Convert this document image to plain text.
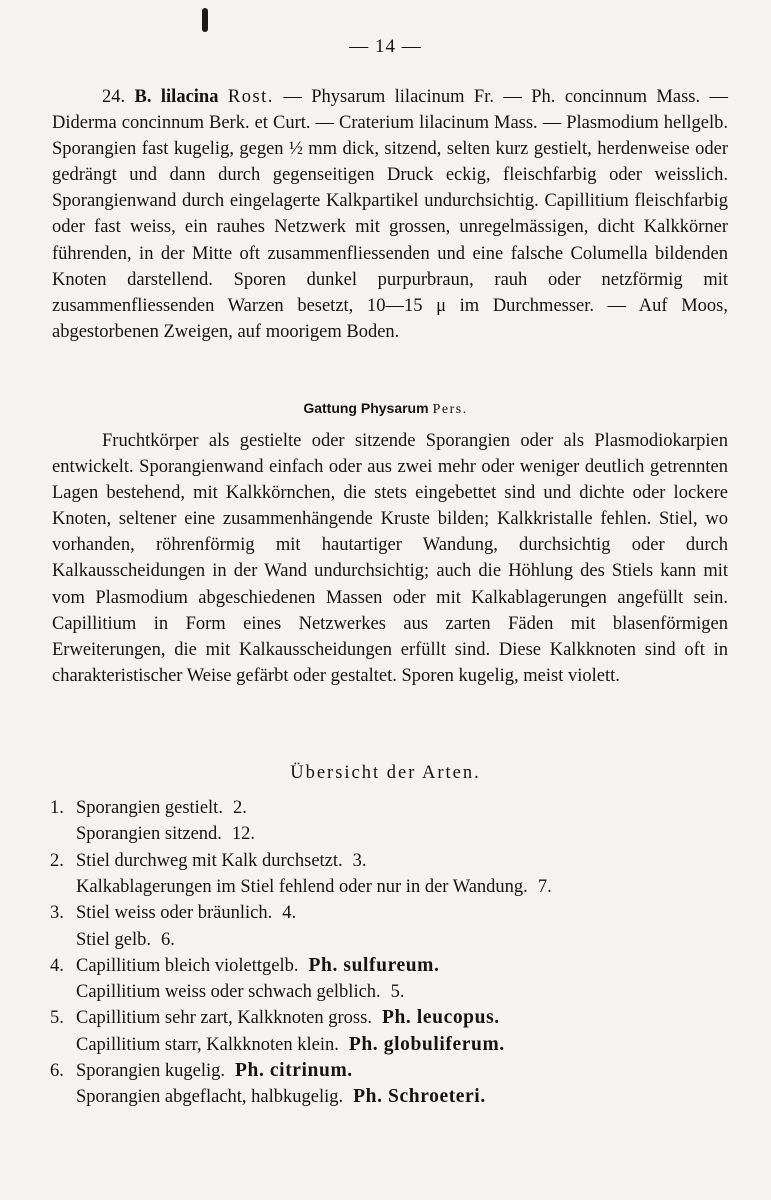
— 14 —
24. B. lilacina Rost. — Physarum lilacinum Fr. — Ph. concinnum Mass. — Diderma concinnum Berk. et Curt. — Craterium lilacinum Mass. — Plasmodium hellgelb. Sporangien fast kugelig, gegen ½ mm dick, sitzend, selten kurz gestielt, herdenweise oder gedrängt und dann durch gegenseitigen Druck eckig, fleischfarbig oder weisslich. Sporangienwand durch eingelagerte Kalkpartikel undurchsichtig. Capillitium fleischfarbig oder fast weiss, ein rauhes Netzwerk mit grossen, unregelmässigen, dicht Kalkkörner führenden, in der Mitte oft zusammenfliessenden und eine falsche Columella bildenden Knoten darstellend. Sporen dunkel purpurbraun, rauh oder netzförmig mit zusammenfliessenden Warzen besetzt, 10—15 μ im Durchmesser. — Auf Moos, abgestorbenen Zweigen, auf moorigem Boden.
Gattung Physarum Pers.
Fruchtkörper als gestielte oder sitzende Sporangien oder als Plasmodiokarpien entwickelt. Sporangienwand einfach oder aus zwei mehr oder weniger deutlich getrennten Lagen bestehend, mit Kalkkörnchen, die stets eingebettet sind und dichte oder lockere Knoten, seltener eine zusammenhängende Kruste bilden; Kalkkristalle fehlen. Stiel, wo vorhanden, röhrenförmig mit hautartiger Wandung, durchsichtig oder durch Kalkausscheidungen in der Wand undurchsichtig; auch die Höhlung des Stiels kann mit vom Plasmodium abgeschiedenen Massen oder mit Kalkablagerungen angefüllt sein. Capillitium in Form eines Netzwerkes aus zarten Fäden mit blasenförmigen Erweiterungen, die mit Kalkausscheidungen erfüllt sind. Diese Kalkknoten sind oft in charakteristischer Weise gefärbt oder gestaltet. Sporen kugelig, meist violett.
Übersicht der Arten.
1. Sporangien gestielt. 2.
Sporangien sitzend. 12.
2. Stiel durchweg mit Kalk durchsetzt. 3.
Kalkablagerungen im Stiel fehlend oder nur in der Wandung. 7.
3. Stiel weiss oder bräunlich. 4.
Stiel gelb. 6.
4. Capillitium bleich violettgelb. Ph. sulfureum.
Capillitium weiss oder schwach gelblich. 5.
5. Capillitium sehr zart, Kalkknoten gross. Ph. leucopus.
Capillitium starr, Kalkknoten klein. Ph. globuliferum.
6. Sporangien kugelig. Ph. citrinum.
Sporangien abgeflacht, halbkugelig. Ph. Schroeteri.
